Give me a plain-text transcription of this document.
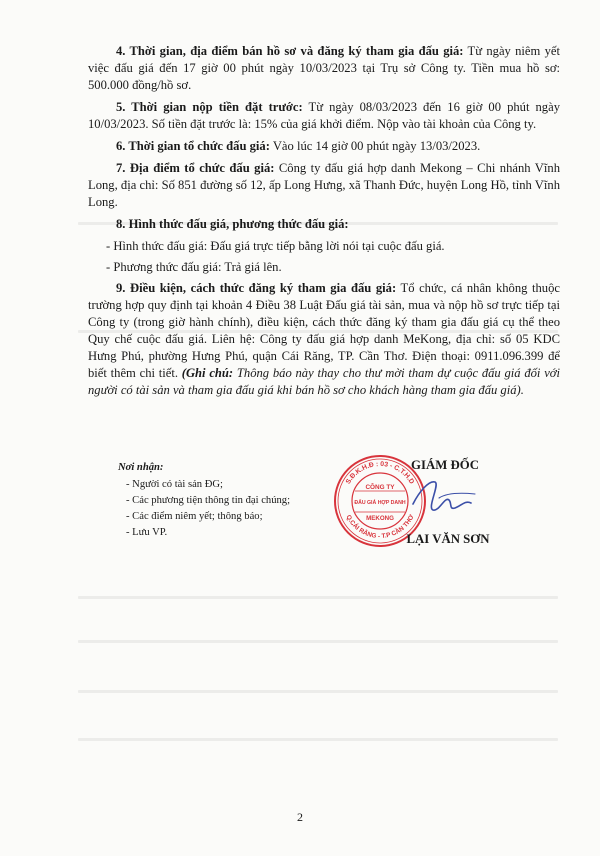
4. Thời gian, địa điểm bán hồ sơ và đăng ký tham gia đấu giá: Từ ngày niêm yết việc đấu giá đến 17 giờ 00 phút ngày 10/03/2023 tại Trụ sở Công ty. Tiền mua hồ sơ: 500.000 đồng/hồ sơ.

5. Thời gian nộp tiền đặt trước: Từ ngày 08/03/2023 đến 16 giờ 00 phút ngày 10/03/2023. Số tiền đặt trước là: 15% của giá khởi điểm. Nộp vào tài khoản của Công ty.

6. Thời gian tổ chức đấu giá: Vào lúc 14 giờ 00 phút ngày 13/03/2023.

7. Địa điểm tổ chức đấu giá: Công ty đấu giá hợp danh Mekong – Chi nhánh Vĩnh Long, địa chỉ: Số 851 đường số 12, ấp Long Hưng, xã Thanh Đức, huyện Long Hồ, tỉnh Vĩnh Long.

8. Hình thức đấu giá, phương thức đấu giá:

- Hình thức đấu giá: Đấu giá trực tiếp bằng lời nói tại cuộc đấu giá.

- Phương thức đấu giá: Trả giá lên.

9. Điều kiện, cách thức đăng ký tham gia đấu giá: Tổ chức, cá nhân không thuộc trường hợp quy định tại khoản 4 Điều 38 Luật Đấu giá tài sản, mua và nộp hồ sơ trực tiếp tại Công ty (trong giờ hành chính), điều kiện, cách thức đăng ký tham gia đấu giá cụ thể theo Quy chế cuộc đấu giá. Liên hệ: Công ty đấu giá hợp danh MeKong, địa chỉ: số 05 KDC Hưng Phú, phường Hưng Phú, quận Cái Răng, TP. Cần Thơ. Điện thoại: 0911.096.399 để biết thêm chi tiết. (Ghi chú: Thông báo này thay cho thư mời tham dự cuộc đấu giá đối với người có tài sản và tham gia đấu giá khi bán hồ sơ cho khách hàng tham gia đấu giá).

Nơi nhận:
- Người có tài sản ĐG;
- Các phương tiện thông tin đại chúng;
- Các điểm niêm yết; thông báo;
- Lưu VP.
S.Đ.K.H.Đ : 03 - C.T.H.D
Q.CÁI RĂNG - T.P CẦN THƠ
CÔNG TY
ĐẤU GIÁ HỢP DANH
MEKONG
GIÁM ĐỐC
LẠI VĂN SƠN
2
